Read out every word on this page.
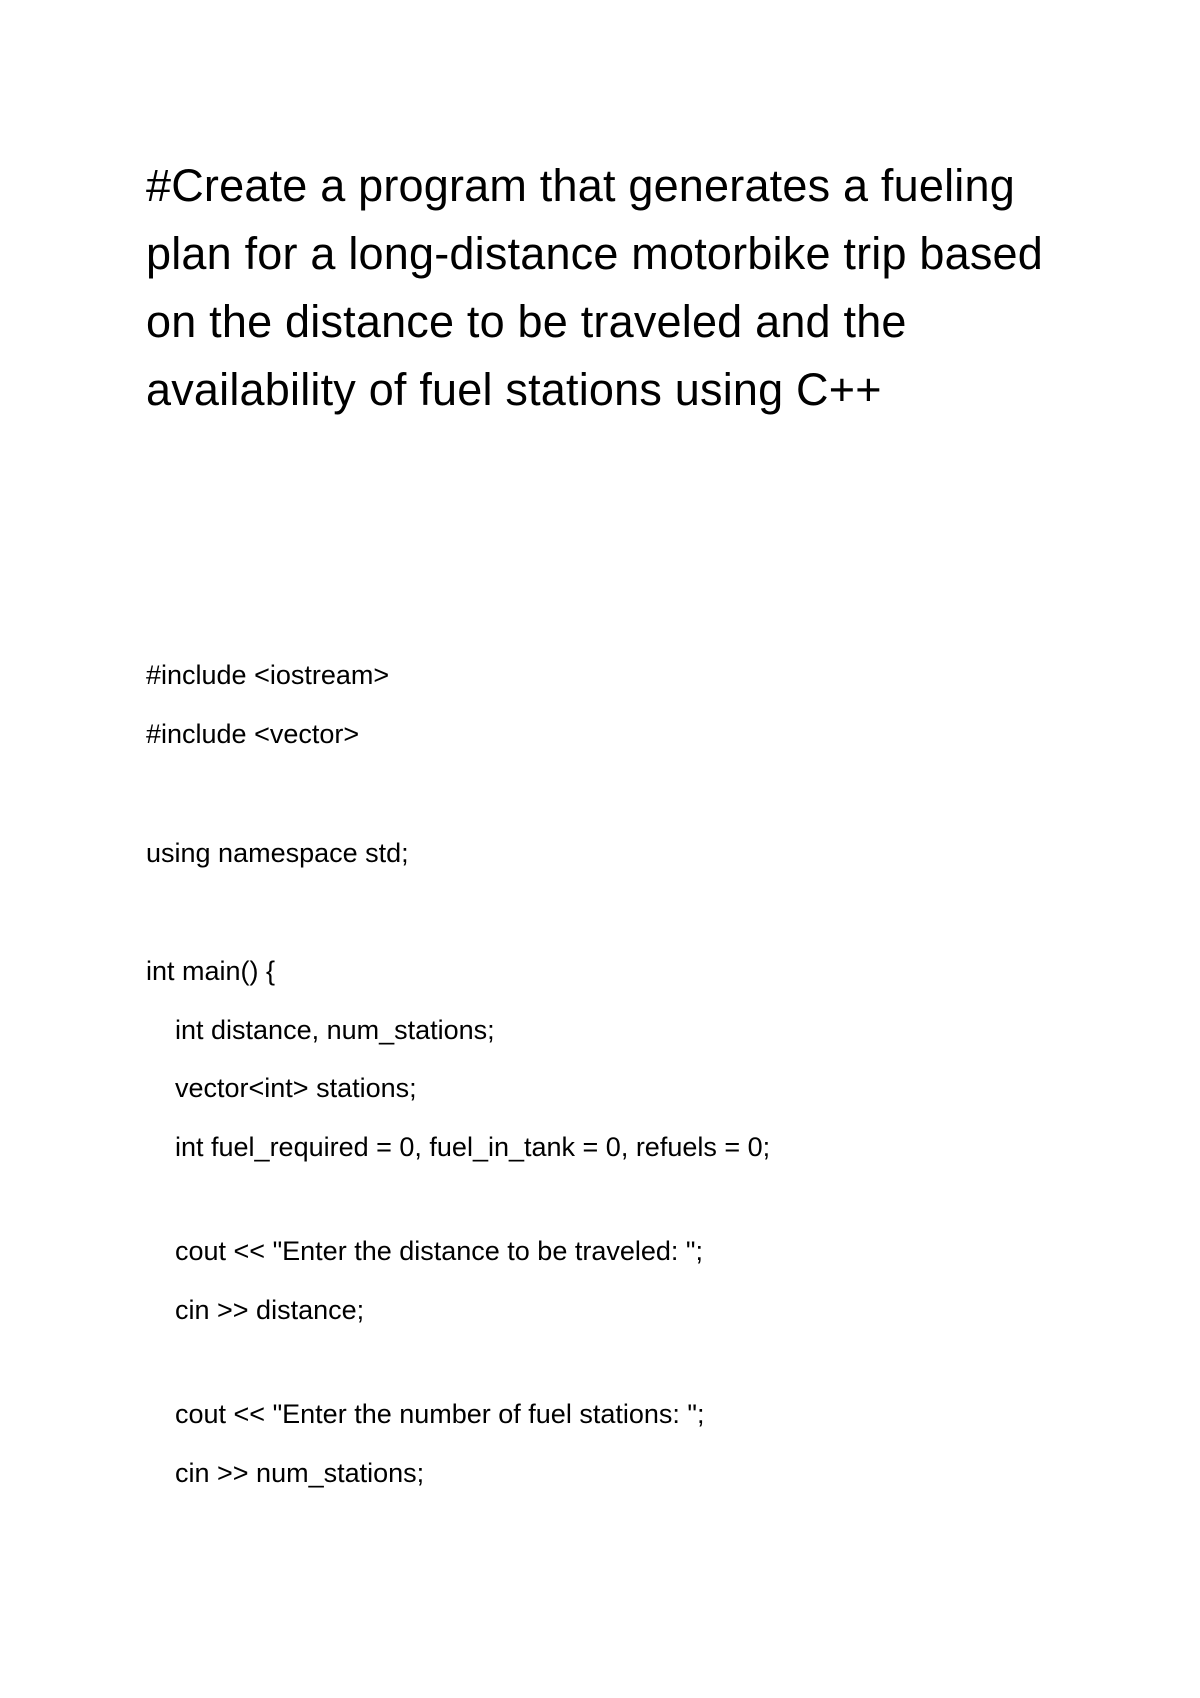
#Create a program that generates a fueling plan for a long-distance motorbike trip based on the distance to be traveled and the availability of fuel stations using C++

#include <iostream>

#include <vector>

using namespace std;

int main() {

int distance, num_stations;

vector<int> stations;

int fuel_required = 0, fuel_in_tank = 0, refuels = 0;

cout << "Enter the distance to be traveled: ";

cin >> distance;

cout << "Enter the number of fuel stations: ";

cin >> num_stations;
